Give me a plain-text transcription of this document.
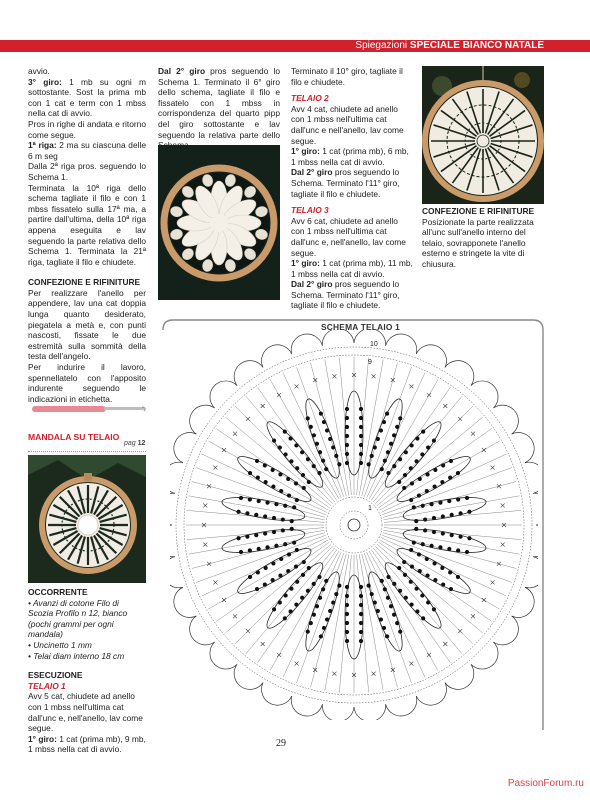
Spiegazioni SPECIALE BIANCO NATALE

avvio.

3° giro: 1 mb su ogni m sottostante. Sost la prima mb con 1 cat e term con 1 mbss nella cat di avvio.

Pros in righe di andata e ritorno come segue.

1ª riga: 2 ma su ciascuna delle 6 m seg

Dalla 2ª riga pros. seguendo lo Schema 1.

Terminata la 10ª riga dello schema tagliate il filo e con 1 mbss fissatelo sulla 17ª ma, a partire dall'ultima, della 10ª riga appena eseguita e lav seguendo la parte relativa dello Schema 1. Terminata la 21ª riga, tagliate il filo e chiudete.

CONFEZIONE E RIFINITURE

Per realizzare l'anello per appendere, lav una cat doppia lunga quanto desiderato, piegatela a metà e, con punti nascosti, fissate le due estremità sulla sommità della testa dell'angelo.

Per indurire il lavoro, spennellatelo con l'apposito indurente seguendo le indicazioni in etichetta.

MANDALA SU TELAIO
pag 12

OCCORRENTE

• Avanzi di cotone Filo di Scozia Profilo n 12, bianco (pochi grammi per ogni mandala)

• Uncinetto 1 mm

• Telai diam interno 18 cm

ESECUZIONE

TELAIO 1

Avv 5 cat, chiudete ad anello con 1 mbss nell'ultima cat dall'unc e, nell'anello, lav come segue.

1° giro: 1 cat (prima mb), 9 mb, 1 mbss nella cat di avvio.

Dal 2° giro pros seguendo lo Schema 1. Terminato il 6° giro dello schema, tagliate il filo e fissatelo con 1 mbss in corrispondenza del quarto pipp del giro sottostante e lav seguendo la relativa parte dello

Terminato il 10° giro, tagliate il filo e chiudete.

TELAIO 2

Avv 4 cat, chiudete ad anello con 1 mbss nell'ultima cat dall'unc e nell'anello, lav come segue.

1° giro: 1 cat (prima mb), 6 mb, 1 mbss nella cat di avvio.

Dal 2° giro pros seguendo lo Schema. Terminato l'11° giro, tagliate il filo e chiudete.

TELAIO 3

Avv 6 cat, chiudete ad anello con 1 mbss nell'ultima cat dall'unc e, nell'anello, lav come segue.

1° giro: 1 cat (prima mb), 11 mb, 1 mbss nella cat di avvio.

Dal 2° giro pros seguendo lo Schema. Terminato l'11° giro, tagliate il filo e chiudete.

CONFEZIONE E RIFINITURE

Posizionate la parte realizzata all'unc sull'anello interno del telaio, sovrapponete l'anello esterno e stringete la vite di chiusura.

SCHEMA TELAIO 1
10
9
1
29
PassionForum.ru
